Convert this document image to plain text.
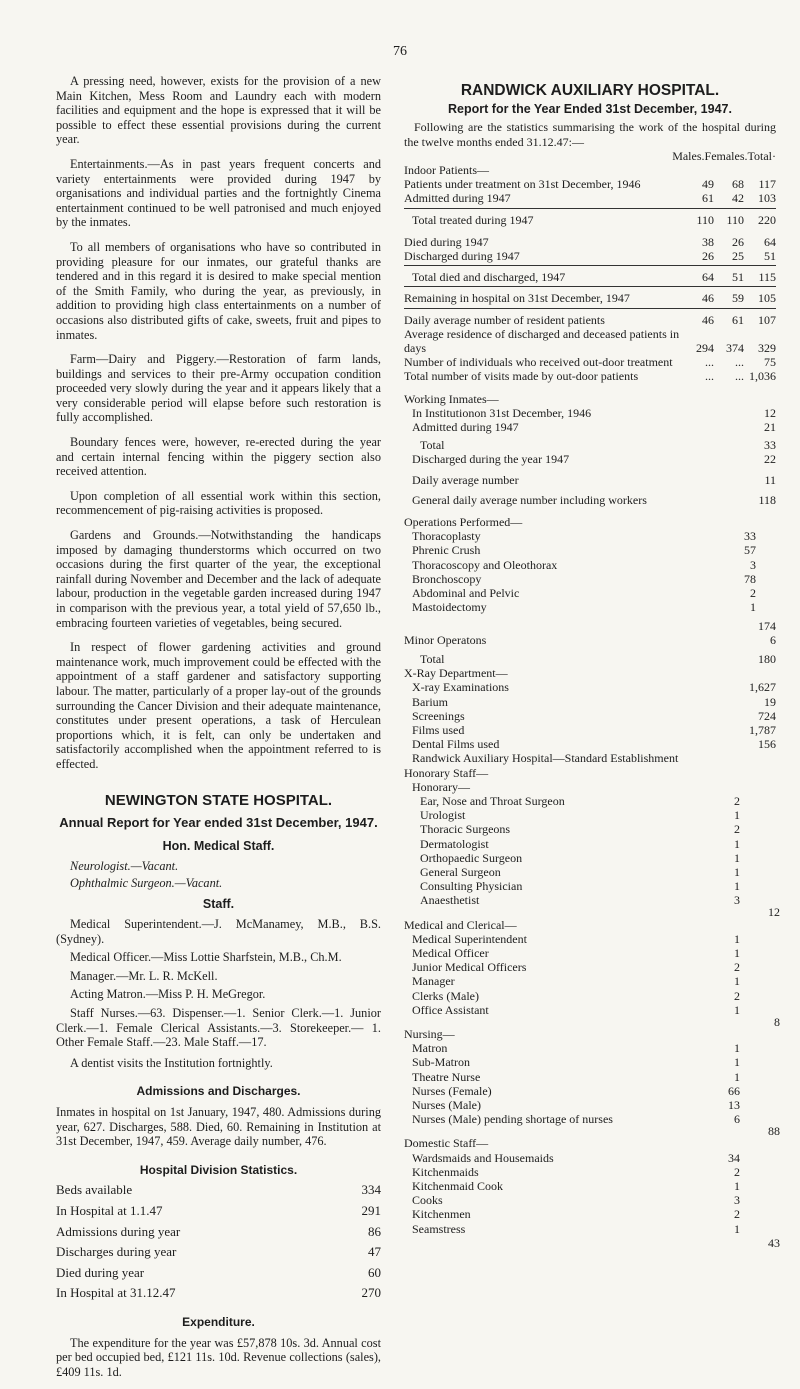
76

A pressing need, however, exists for the provision of a new Main Kitchen, Mess Room and Laundry each with modern facilities and equipment and the hope is expressed that it will be possible to effect these essential provisions during the current year.

Entertainments.—As in past years frequent concerts and variety entertainments were provided during 1947 by organisations and individual parties and the fortnightly Cinema entertainment continued to be well patronised and much enjoyed by the inmates.

To all members of organisations who have so contributed in providing pleasure for our inmates, our grateful thanks are tendered and in this regard it is desired to make special mention of the Smith Family, who during the year, as previously, in addition to providing high class entertainments on a number of occasions also distributed gifts of cake, sweets, fruit and pipes to inmates.

Farm—Dairy and Piggery.—Restoration of farm lands, buildings and services to their pre-Army occupation condition proceeded very slowly during the year and it appears likely that a very considerable period will elapse before such restoration is fully accomplished.

Boundary fences were, however, re-erected during the year and certain internal fencing within the piggery section also received attention.

Upon completion of all essential work within this section, recommencement of pig-raising activities is proposed.

Gardens and Grounds.—Notwithstanding the handicaps imposed by damaging thunderstorms which occurred on two occasions during the first quarter of the year, the exceptional rainfall during November and December and the lack of adequate labour, production in the vegetable garden increased during 1947 in comparison with the previous year, a total yield of 57,650 lb., embracing fourteen varieties of vegetables, being secured.

In respect of flower gardening activities and ground maintenance work, much improvement could be effected with the appointment of a staff gardener and satisfactory supporting labour. The matter, particularly of a proper lay-out of the grounds surrounding the Cancer Division and their adequate maintenance, constitutes under present operations, a task of Herculean proportions which, it is felt, can only be undertaken and satisfactorily accomplished when the appointment referred to is effected.

NEWINGTON STATE HOSPITAL.
Annual Report for Year ended 31st December, 1947.
Hon. Medical Staff.

Neurologist.—Vacant.

Ophthalmic Surgeon.—Vacant.

Staff.

Medical Superintendent.—J. McManamey, M.B., B.S. (Sydney).

Medical Officer.—Miss Lottie Sharfstein, M.B., Ch.M.

Manager.—Mr. L. R. McKell.

Acting Matron.—Miss P. H. MeGregor.

Staff Nurses.—63. Dispenser.—1. Senior Clerk.—1. Junior Clerk.—1. Female Clerical Assistants.—3. Storekeeper.— 1. Other Female Staff.—23. Male Staff.—17.

A dentist visits the Institution fortnightly.

Admissions and Discharges.

Inmates in hospital on 1st January, 1947, 480. Admissions during year, 627. Discharges, 588. Died, 60. Remaining in Institution at 31st December, 1947, 459. Average daily number, 476.

Hospital Division Statistics.
Beds available	334
In Hospital at 1.1.47	291
Admissions during year	86
Discharges during year	47
Died during year	60
In Hospital at 31.12.47	270
Expenditure.

The expenditure for the year was £57,878 10s. 3d. Annual cost per bed occupied bed, £121 11s. 10d. Revenue collections (sales), £409 11s. 1d.

RANDWICK AUXILIARY HOSPITAL.
Report for the Year Ended 31st December, 1947.

Following are the statistics summarising the work of the hospital during the twelve months ended 31.12.47:—

Males.Females.Total·
Indoor Patients—
Patients under treatment on 31st December, 1946	49	68	117
Admitted during 1947	61	42	103
Total treated during 1947	110	110	220
Died during 1947	38	26	64
Discharged during 1947	26	25	51
Total died and discharged, 1947	64	51	115
Remaining in hospital on 31st December, 1947	46	59	105
Daily average number of resident patients	46	61	107
Average residence of discharged and deceased patients in days	294	374	329
Number of individuals who received out-door treatment	...	...	75
Total number of visits made by out-door patients	...	... 1,036
Working Inmates—
In Institutionon 31st December, 1946	12
Admitted during 1947	21
Total	33
Discharged during the year 1947	22
Daily average number	11
General daily average number including workers	118
Operations Performed—
Thoracoplasty	33
Phrenic Crush	57
Thoracoscopy and Oleothorax	3
Bronchoscopy	78
Abdominal and Pelvic	2
Mastoidectomy	1
174
Minor Operatons	6
Total	180
X-Ray Department—
X-ray Examinations	1,627
Barium	19
Screenings	724
Films used	1,787
Dental Films used	156
Randwick Auxiliary Hospital—Standard Establishment
Honorary Staff—
Honorary—
Ear, Nose and Throat Surgeon	2
Urologist	1
Thoracic Surgeons	2
Dermatologist	1
Orthopaedic Surgeon	1
General Surgeon	1
Consulting Physician	1
Anaesthetist	3
12
Medical and Clerical—
Medical Superintendent	1
Medical Officer	1
Junior Medical Officers	2
Manager	1
Clerks (Male)	2
Office Assistant	1
8
Nursing—
Matron	1
Sub-Matron	1
Theatre Nurse	1
Nurses (Female)	66
Nurses (Male)	13
Nurses (Male) pending shortage of nurses	6
88
Domestic Staff—
Wardsmaids and Housemaids	34
Kitchenmaids	2
Kitchenmaid Cook	1
Cooks	3
Kitchenmen	2
Seamstress	1
43
